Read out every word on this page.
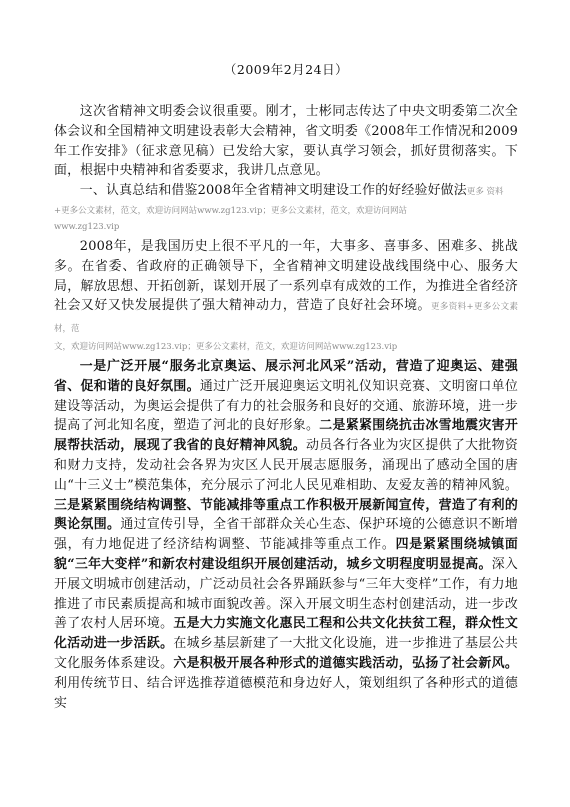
（2009年2月24日）

这次省精神文明委会议很重要。刚才，士彬同志传达了中央文明委第二次全体会议和全国精神文明建设表彰大会精神，省文明委《2008年工作情况和2009年工作安排》（征求意见稿）已发给大家，要认真学习领会，抓好贯彻落实。下面，根据中央精神和省委要求，我讲几点意见。

一、认真总结和借鉴2008年全省精神文明建设工作的好经验好做法更多 资料

+更多公文素材，范文，欢迎访问网站www.zg123.vip；更多公文素材，范文，欢迎访问网站
www.zg123.vip

2008年，是我国历史上很不平凡的一年，大事多、喜事多、困难多、挑战多。在省委、省政府的正确领导下，全省精神文明建设战线围绕中心、服务大局，解放思想、开拓创新，谋划开展了一系列卓有成效的工作，为推进全省经济社会又好又快发展提供了强大精神动力，营造了良好社会环境。更多资料+更多公文素材，范

文，欢迎访问网站www.zg123.vip；更多公文素材，范文，欢迎访问网站www.zg123.vip

一是广泛开展“服务北京奥运、展示河北风采”活动，营造了迎奥运、建强省、促和谐的良好氛围。通过广泛开展迎奥运文明礼仪知识竞赛、文明窗口单位建设等活动，为奥运会提供了有力的社会服务和良好的交通、旅游环境，进一步提高了河北知名度，塑造了河北的良好形象。二是紧紧围绕抗击冰雪地震灾害开展帮扶活动，展现了我省的良好精神风貌。动员各行各业为灾区提供了大批物资和财力支持，发动社会各界为灾区人民开展志愿服务，涌现出了感动全国的唐山“十三义士”模范集体，充分展示了河北人民见难相助、友爱友善的精神风貌。三是紧紧围绕结构调整、节能减排等重点工作积极开展新闻宣传，营造了有利的舆论氛围。通过宣传引导，全省干部群众关心生态、保护环境的公德意识不断增强，有力地促进了经济结构调整、节能减排等重点工作。四是紧紧围绕城镇面貌“三年大变样”和新农村建设组织开展创建活动，城乡文明程度明显提高。深入开展文明城市创建活动，广泛动员社会各界踊跃参与“三年大变样”工作，有力地推进了市民素质提高和城市面貌改善。深入开展文明生态村创建活动，进一步改善了农村人居环境。五是大力实施文化惠民工程和公共文化扶贫工程，群众性文化活动进一步活跃。在城乡基层新建了一大批文化设施，进一步推进了基层公共文化服务体系建设。六是积极开展各种形式的道德实践活动，弘扬了社会新风。利用传统节日、结合评选推荐道德模范和身边好人，策划组织了各种形式的道德实
